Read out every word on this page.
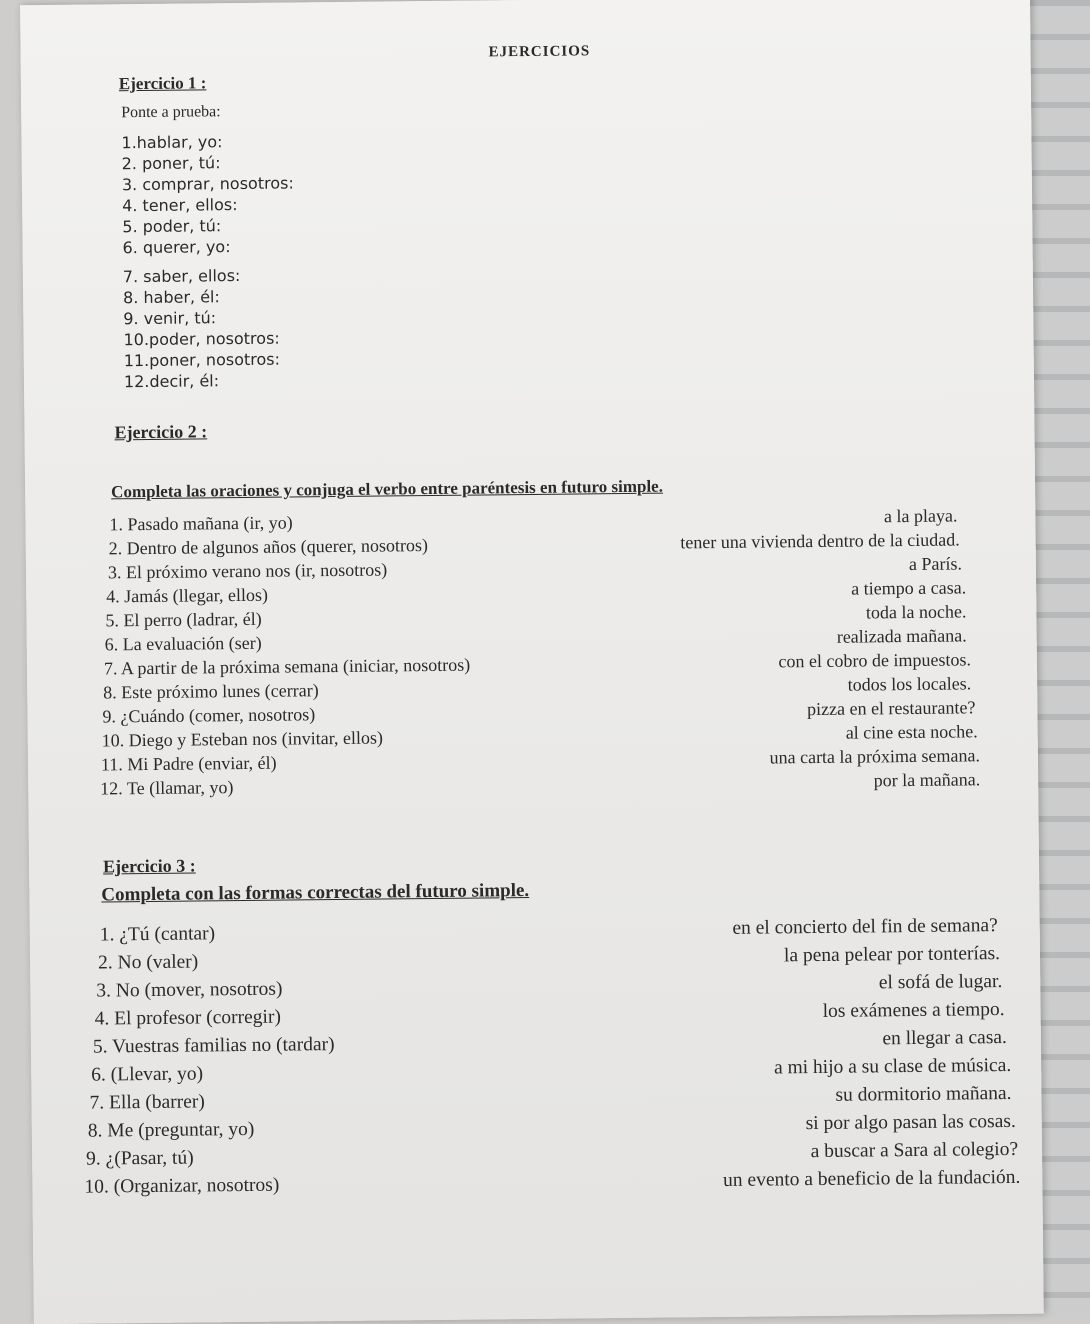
EJERCICIOS
Ejercicio 1 :
Ponte a prueba:
1.hablar, yo:
2. poner, tú:
3. comprar, nosotros:
4. tener, ellos:
5. poder, tú:
6. querer, yo:
7. saber, ellos:
8. haber, él:
9. venir, tú:
10.poder, nosotros:
11.poner, nosotros:
12.decir, él:
Ejercicio 2 :
Completa las oraciones y conjuga el verbo entre paréntesis en futuro simple.
1. Pasado mañana (ir, yo)	a la playa.
2. Dentro de algunos años (querer, nosotros)	tener una vivienda dentro de la ciudad.
3. El próximo verano nos (ir, nosotros)	a París.
4. Jamás (llegar, ellos)	a tiempo a casa.
5. El perro (ladrar, él)	toda la noche.
6. La evaluación (ser)	realizada mañana.
7. A partir de la próxima semana (iniciar, nosotros)	con el cobro de impuestos.
8. Este próximo lunes (cerrar)	todos los locales.
9. ¿Cuándo (comer, nosotros)	pizza en el restaurante?
10. Diego y Esteban nos (invitar, ellos)	al cine esta noche.
11. Mi Padre (enviar, él)	una carta la próxima semana.
12. Te (llamar, yo)	por la mañana.
Ejercicio 3 :
Completa con las formas correctas del futuro simple.
1. ¿Tú (cantar)	en el concierto del fin de semana?
2. No (valer)	la pena pelear por tonterías.
3. No (mover, nosotros)	el sofá de lugar.
4. El profesor (corregir)	los exámenes a tiempo.
5. Vuestras familias no (tardar)	en llegar a casa.
6. (Llevar, yo)	a mi hijo a su clase de música.
7. Ella (barrer)	su dormitorio mañana.
8. Me (preguntar, yo)	si por algo pasan las cosas.
9. ¿(Pasar, tú)	a buscar a Sara al colegio?
10. (Organizar, nosotros)	un evento a beneficio de la fundación.
